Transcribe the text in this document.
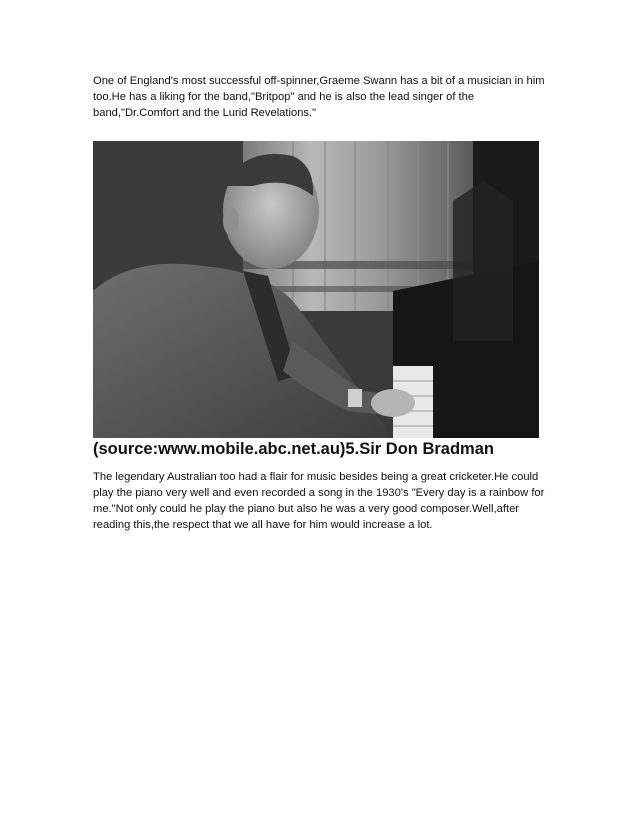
One of England's most successful off-spinner,Graeme Swann has a bit of a musician in him too.He has a liking for the band,"Britpop" and he is also the lead singer of the band,"Dr.Comfort and the Lurid Revelations."

(source:www.mobile.abc.net.au)5.Sir Don Bradman

The legendary Australian too had a flair for music besides being a great cricketer.He could play the piano very well and even recorded a song in the 1930's "Every day is a rainbow for me."Not only could he play the piano but also he was a very good composer.Well,after reading this,the respect that we all have for him would increase a lot.
